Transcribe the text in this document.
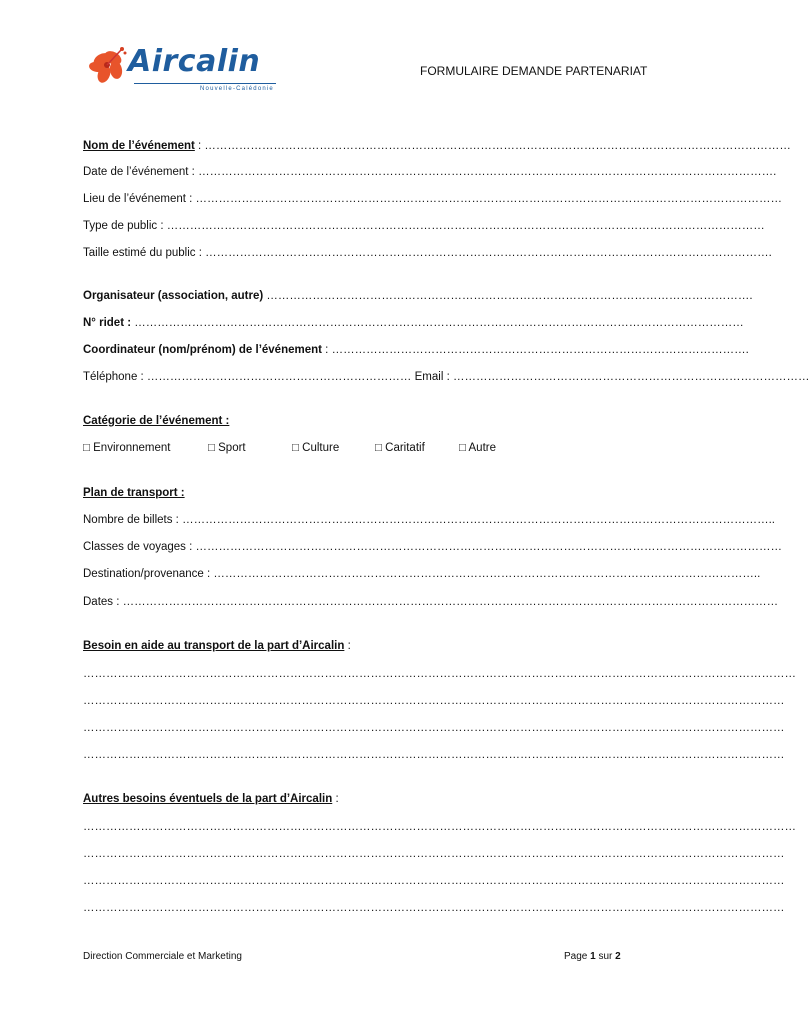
Aircalin
Nouvelle-Calédonie
FORMULAIRE DEMANDE PARTENARIAT
Nom de l’événement : ………………………………………………………………………………………………………………………………………
Date de l’événement : …………………………………………………………………………………………………………………………………….
Lieu de l’événement : ………………………………………………………………………………………………………………………………………
Type de public : …………………………………………………………………………………………………………………………………………
Taille estimé du public : ………………………………………………………………………………………………………………………………….
Organisateur (association, autre) ……………………………………………………………………………………………………………….
N° ridet : ……………………………………………………………………………………………………………………………………………
Coordinateur (nom/prénom) de l’événement : ……………………………………………………………………………………………….
Téléphone : …………………………………………………………… Email : …………………………………………………………………………………
Catégorie de l’événement :
□ Environnement	□ Sport	□ Culture	□ Caritatif	□ Autre
Plan de transport :
Nombre de billets : ………………………………………………………………………………………………………………………………………..
Classes de voyages : ………………………………………………………………………………………………………………………………………
Destination/provenance : ……………………………………………………………………………………………………………………………..
Dates : ………………………………………………………………………………………………………………………………………………………
Besoin en aide au transport de la part d’Aircalin :
……………………………………………………………………………………………………………………………………………………………………
…………………………………………………………………………………………………………………………………………………………………
…………………………………………………………………………………………………………………………………………………………………
…………………………………………………………………………………………………………………………………………………………………
Autres besoins éventuels de la part d’Aircalin :
……………………………………………………………………………………………………………………………………………………………………
…………………………………………………………………………………………………………………………………………………………………
…………………………………………………………………………………………………………………………………………………………………
…………………………………………………………………………………………………………………………………………………………………
Direction Commerciale et Marketing	Page 1 sur 2
